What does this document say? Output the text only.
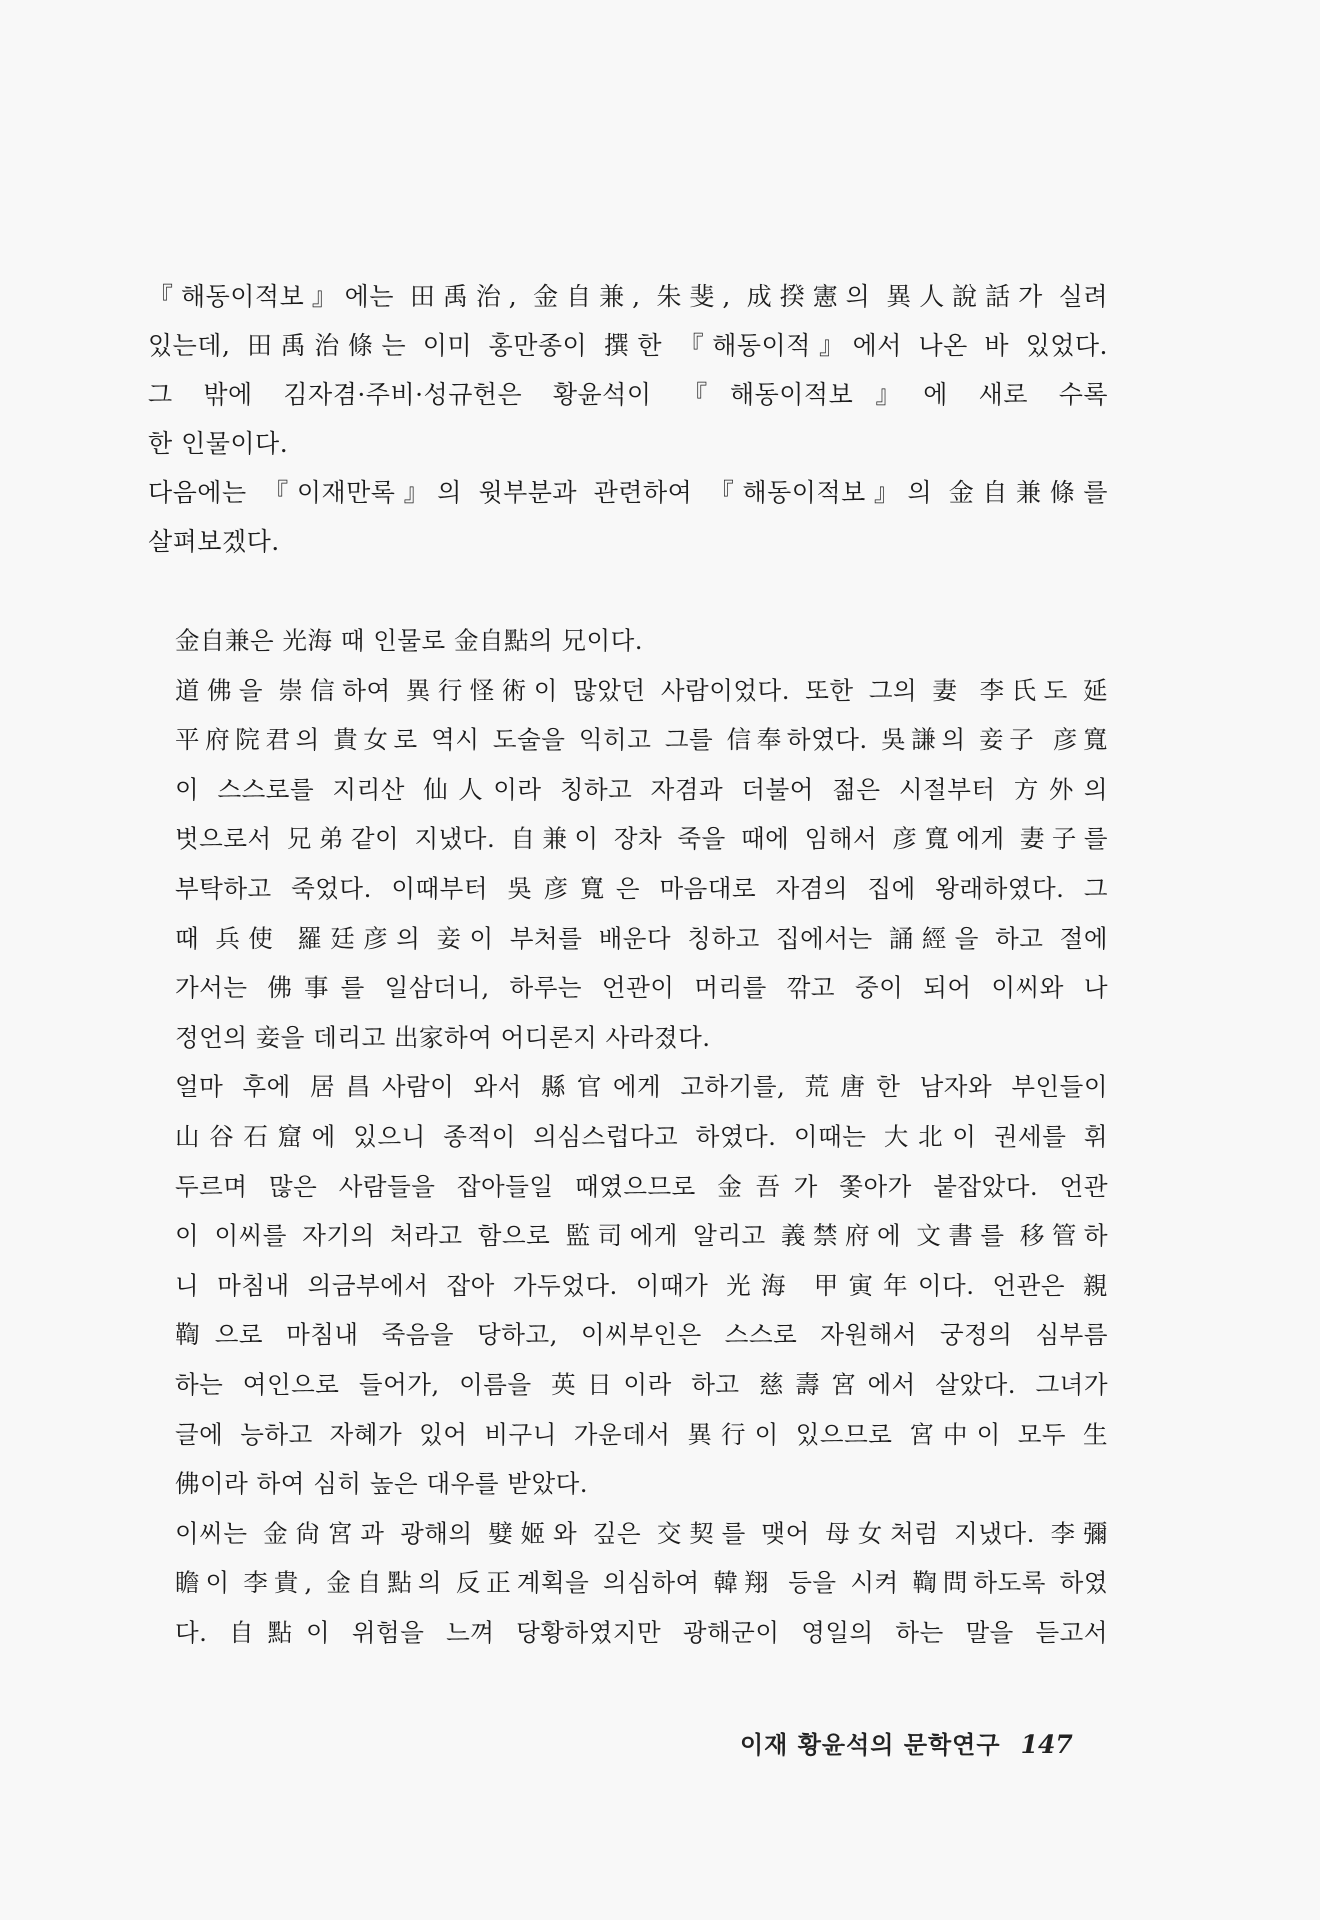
『해동이적보』에는 田禹治, 金自兼, 朱斐, 成揆憲의 異人說話가 실려
있는데, 田禹治條는 이미 홍만종이 撰한 『해동이적』에서 나온 바 있었다.
그 밖에 김자겸·주비·성규헌은 황윤석이 『해동이적보』에 새로 수록
한 인물이다.
다음에는 『이재만록』의 윗부분과 관련하여 『해동이적보』의 金自兼條를
살펴보겠다.
金自兼은 光海 때 인물로 金自點의 兄이다.
道佛을 崇信하여 異行怪術이 많았던 사람이었다. 또한 그의 妻 李氏도 延
平府院君의 貴女로 역시 도술을 익히고 그를 信奉하였다. 吳謙의 妾子 彦寬
이 스스로를 지리산 仙人이라 칭하고 자겸과 더불어 젊은 시절부터 方外의
벗으로서 兄弟같이 지냈다. 自兼이 장차 죽을 때에 임해서 彦寬에게 妻子를
부탁하고 죽었다. 이때부터 吳彦寬은 마음대로 자겸의 집에 왕래하였다. 그
때 兵使 羅廷彦의 妾이 부처를 배운다 칭하고 집에서는 誦經을 하고 절에
가서는 佛事를 일삼더니, 하루는 언관이 머리를 깎고 중이 되어 이씨와 나
정언의 妾을 데리고 出家하여 어디론지 사라졌다.
얼마 후에 居昌사람이 와서 縣官에게 고하기를, 荒唐한 남자와 부인들이
山谷石窟에 있으니 종적이 의심스럽다고 하였다. 이때는 大北이 권세를 휘
두르며 많은 사람들을 잡아들일 때였으므로 金吾가 쫓아가 붙잡았다. 언관
이 이씨를 자기의 처라고 함으로 監司에게 알리고 義禁府에 文書를 移管하
니 마침내 의금부에서 잡아 가두었다. 이때가 光海 甲寅年이다. 언관은 親
鞫으로 마침내 죽음을 당하고, 이씨부인은 스스로 자원해서 궁정의 심부름
하는 여인으로 들어가, 이름을 英日이라 하고 慈壽宮에서 살았다. 그녀가
글에 능하고 자혜가 있어 비구니 가운데서 異行이 있으므로 宮中이 모두 生
佛이라 하여 심히 높은 대우를 받았다.
이씨는 金尙宮과 광해의 嬖姬와 깊은 交契를 맺어 母女처럼 지냈다. 李彌
瞻이 李貴, 金自點의 反正계획을 의심하여 韓翔 등을 시켜 鞫問하도록 하였
다. 自點이 위험을 느껴 당황하였지만 광해군이 영일의 하는 말을 듣고서
이재 황윤석의 문학연구 147
